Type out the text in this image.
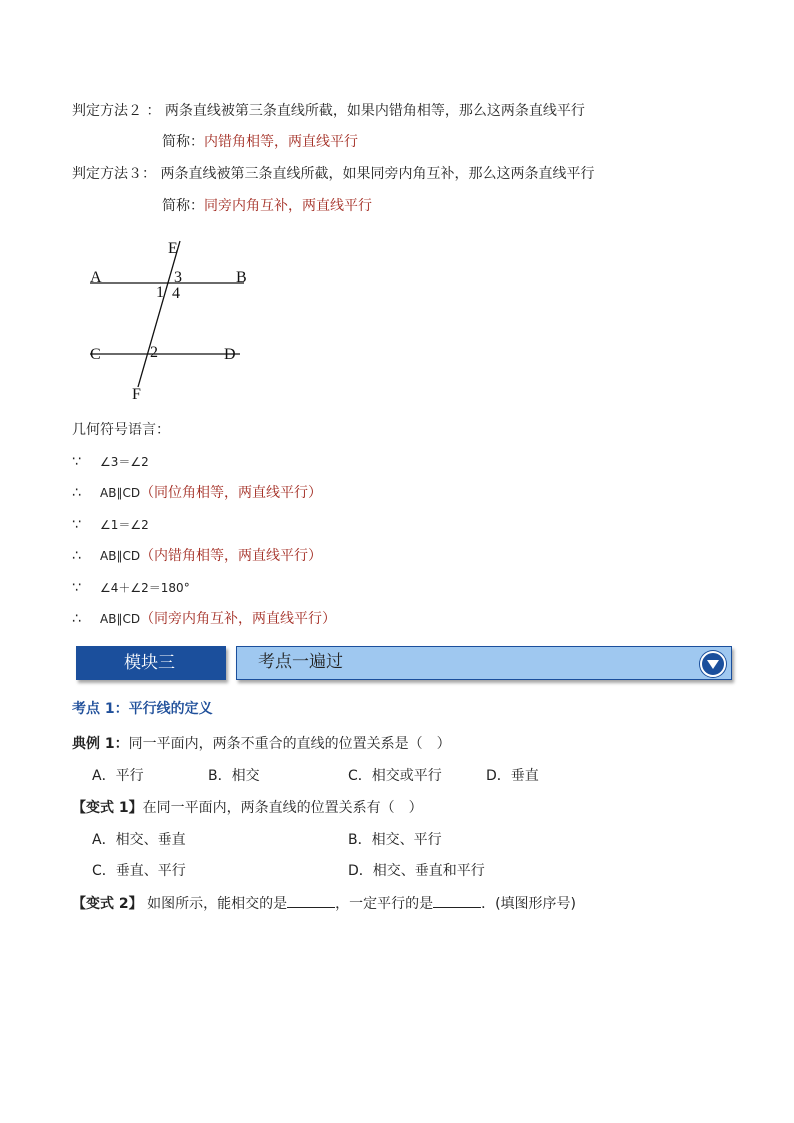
判定方法２ ： 两条直线被第三条直线所截，如果内错角相等，那么这两条直线平行
简称：内错角相等，两直线平行
判定方法３： 两条直线被第三条直线所截，如果同旁内角互补，那么这两条直线平行
简称：同旁内角互补，两直线平行
E
A	B
3
1 4
C	2	D
F
几何符号语言：
∵ ∠3＝∠2
∴ AB∥CD（同位角相等，两直线平行）
∵ ∠1＝∠2
∴ AB∥CD（内错角相等，两直线平行）
∵ ∠4＋∠2＝180°
∴ AB∥CD（同旁内角互补，两直线平行）
模块三	考点一遍过
考点 1：平行线的定义
典例 1：同一平面内，两条不重合的直线的位置关系是（　）
A．平行	B．相交	C．相交或平行	D．垂直
【变式 1】在同一平面内，两条直线的位置关系有（　）
A．相交、垂直	B．相交、平行
C．垂直、平行	D．相交、垂直和平行
【变式 2】 如图所示，能相交的是	，一定平行的是	．(填图形序号)
